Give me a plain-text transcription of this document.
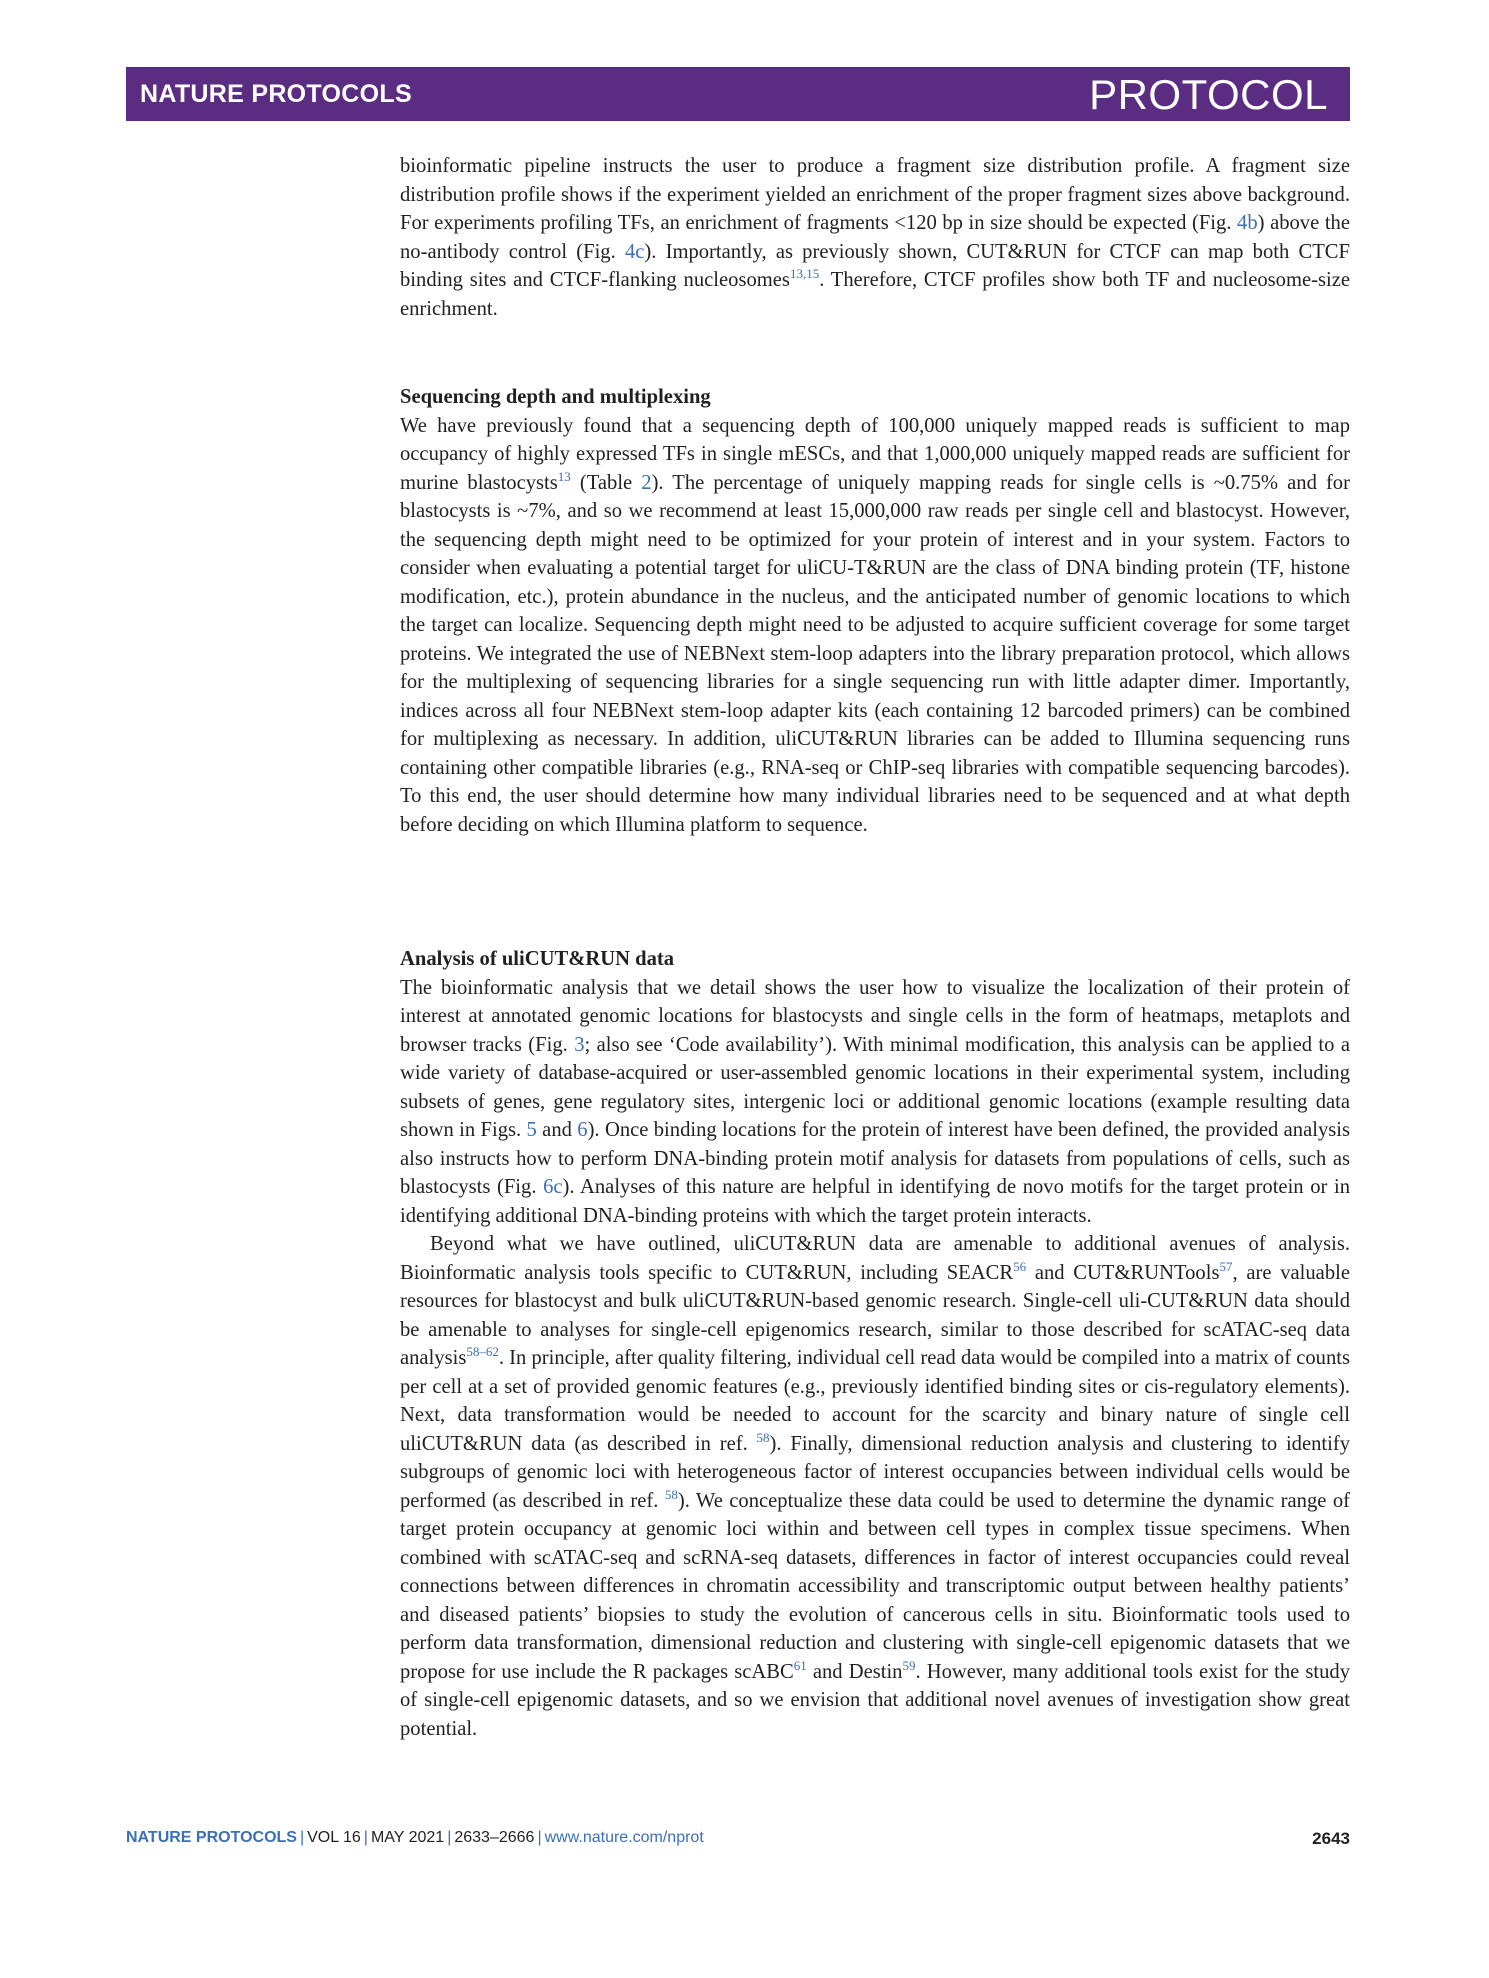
NATURE PROTOCOLS	PROTOCOL

bioinformatic pipeline instructs the user to produce a fragment size distribution profile. A fragment size distribution profile shows if the experiment yielded an enrichment of the proper fragment sizes above background. For experiments profiling TFs, an enrichment of fragments <120 bp in size should be expected (Fig. 4b) above the no-antibody control (Fig. 4c). Importantly, as previously shown, CUT&RUN for CTCF can map both CTCF binding sites and CTCF-flanking nucleosomes$^{13,15}$. Therefore, CTCF profiles show both TF and nucleosome-size enrichment.

Sequencing depth and multiplexing

We have previously found that a sequencing depth of 100,000 uniquely mapped reads is sufficient to map occupancy of highly expressed TFs in single mESCs, and that 1,000,000 uniquely mapped reads are sufficient for murine blastocysts$^{13}$ (Table 2). The percentage of uniquely mapping reads for single cells is ~0.75% and for blastocysts is ~7%, and so we recommend at least 15,000,000 raw reads per single cell and blastocyst. However, the sequencing depth might need to be optimized for your protein of interest and in your system. Factors to consider when evaluating a potential target for uliCU-T&RUN are the class of DNA binding protein (TF, histone modification, etc.), protein abundance in the nucleus, and the anticipated number of genomic locations to which the target can localize. Sequencing depth might need to be adjusted to acquire sufficient coverage for some target proteins. We integrated the use of NEBNext stem-loop adapters into the library preparation protocol, which allows for the multiplexing of sequencing libraries for a single sequencing run with little adapter dimer. Importantly, indices across all four NEBNext stem-loop adapter kits (each containing 12 barcoded primers) can be combined for multiplexing as necessary. In addition, uliCUT&RUN libraries can be added to Illumina sequencing runs containing other compatible libraries (e.g., RNA-seq or ChIP-seq libraries with compatible sequencing barcodes). To this end, the user should determine how many individual libraries need to be sequenced and at what depth before deciding on which Illumina platform to sequence.

Analysis of uliCUT&RUN data

The bioinformatic analysis that we detail shows the user how to visualize the localization of their protein of interest at annotated genomic locations for blastocysts and single cells in the form of heatmaps, metaplots and browser tracks (Fig. 3; also see ‘Code availability’). With minimal modification, this analysis can be applied to a wide variety of database-acquired or user-assembled genomic locations in their experimental system, including subsets of genes, gene regulatory sites, intergenic loci or additional genomic locations (example resulting data shown in Figs. 5 and 6). Once binding locations for the protein of interest have been defined, the provided analysis also instructs how to perform DNA-binding protein motif analysis for datasets from populations of cells, such as blastocysts (Fig. 6c). Analyses of this nature are helpful in identifying de novo motifs for the target protein or in identifying additional DNA-binding proteins with which the target protein interacts.

Beyond what we have outlined, uliCUT&RUN data are amenable to additional avenues of analysis. Bioinformatic analysis tools specific to CUT&RUN, including SEACR$^{56}$ and CUT&RUNTools$^{57}$, are valuable resources for blastocyst and bulk uliCUT&RUN-based genomic research. Single-cell uli-CUT&RUN data should be amenable to analyses for single-cell epigenomics research, similar to those described for scATAC-seq data analysis$^{58-62}$. In principle, after quality filtering, individual cell read data would be compiled into a matrix of counts per cell at a set of provided genomic features (e.g., previously identified binding sites or cis-regulatory elements). Next, data transformation would be needed to account for the scarcity and binary nature of single cell uliCUT&RUN data (as described in ref. $^{58}$). Finally, dimensional reduction analysis and clustering to identify subgroups of genomic loci with heterogeneous factor of interest occupancies between individual cells would be performed (as described in ref. $^{58}$). We conceptualize these data could be used to determine the dynamic range of target protein occupancy at genomic loci within and between cell types in complex tissue specimens. When combined with scATAC-seq and scRNA-seq datasets, differences in factor of interest occupancies could reveal connections between differences in chromatin accessibility and transcriptomic output between healthy patients’ and diseased patients’ biopsies to study the evolution of cancerous cells in situ. Bioinformatic tools used to perform data transformation, dimensional reduction and clustering with single-cell epigenomic datasets that we propose for use include the R packages scABC$^{61}$ and Destin$^{59}$. However, many additional tools exist for the study of single-cell epigenomic datasets, and so we envision that additional novel avenues of investigation show great potential.

NATURE PROTOCOLS | VOL 16 | MAY 2021 | 2633–2666 | www.nature.com/nprot	2643
